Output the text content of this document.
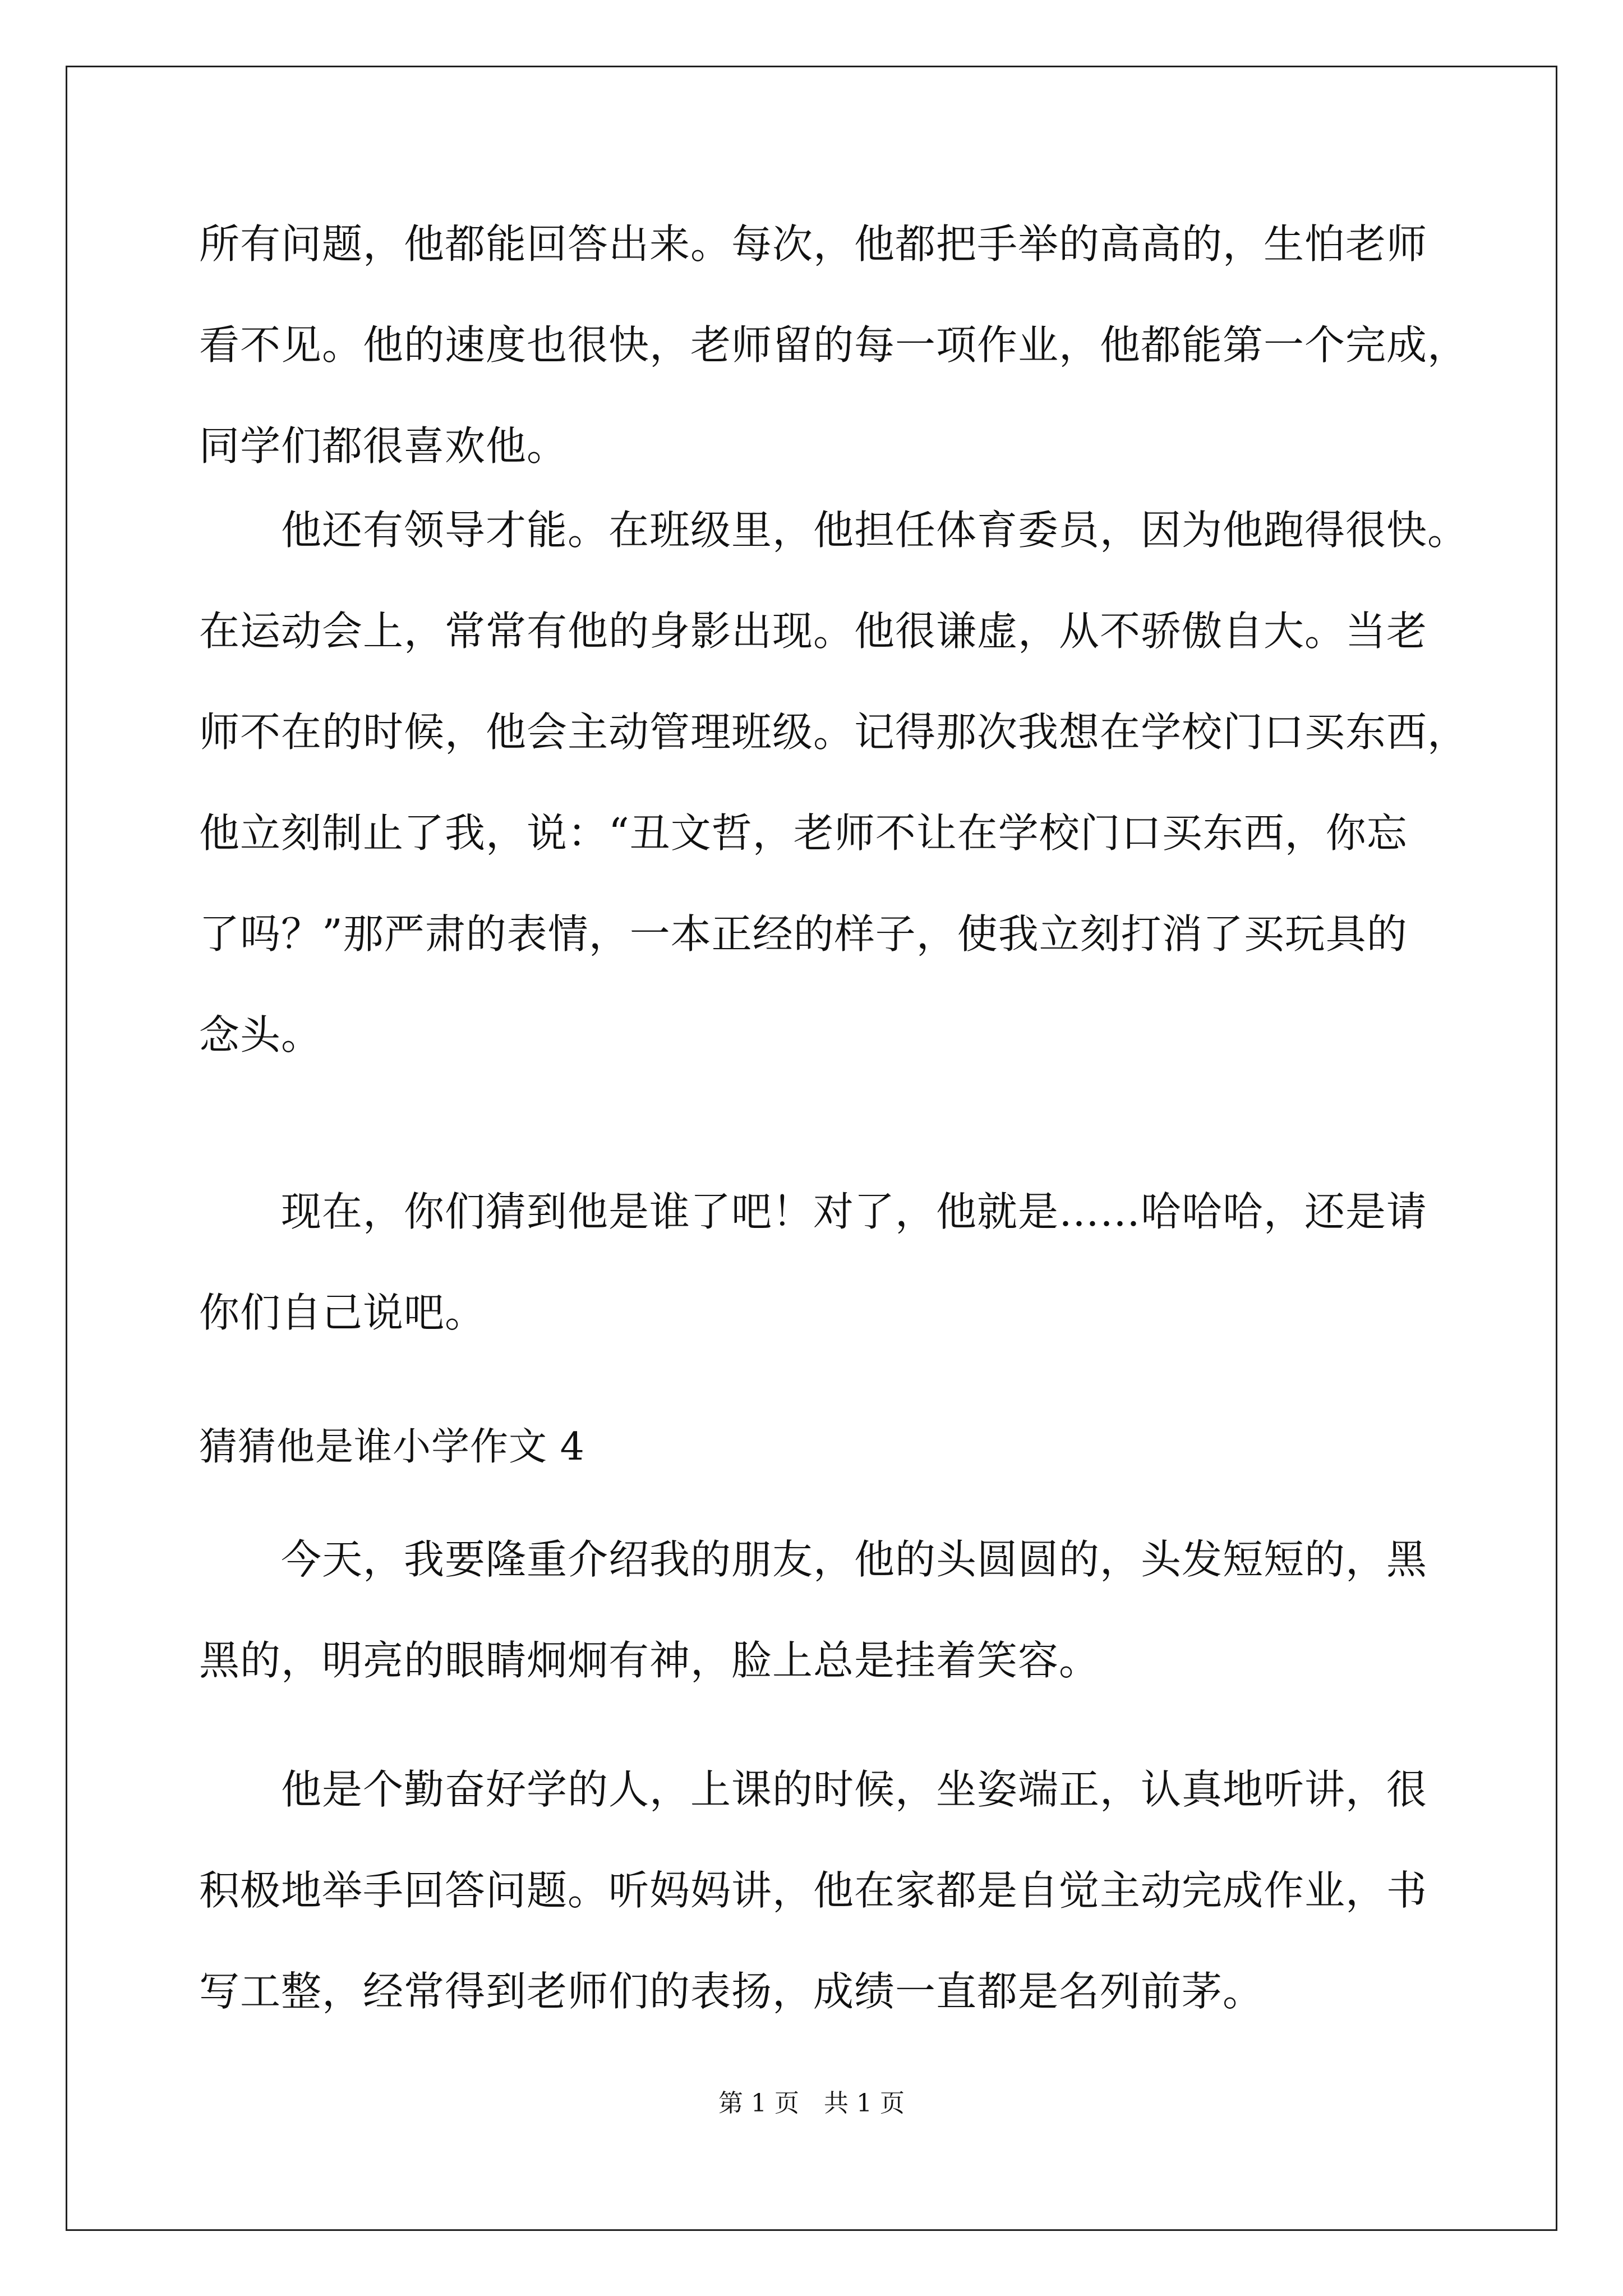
所有问题，他都能回答出来。每次，他都把手举的高高的，生怕老师
看不见。他的速度也很快，老师留的每一项作业，他都能第一个完成，
同学们都很喜欢他。
　　他还有领导才能。在班级里，他担任体育委员，因为他跑得很快。
在运动会上，常常有他的身影出现。他很谦虚，从不骄傲自大。当老
师不在的时候，他会主动管理班级。记得那次我想在学校门口买东西，
他立刻制止了我，说：“丑文哲，老师不让在学校门口买东西，你忘
了吗？”那严肃的表情，一本正经的样子，使我立刻打消了买玩具的
念头。
　　现在，你们猜到他是谁了吧！对了，他就是……哈哈哈，还是请
你们自己说吧。
猜猜他是谁小学作文 4
　　今天，我要隆重介绍我的朋友，他的头圆圆的，头发短短的，黑
黑的，明亮的眼睛炯炯有神，脸上总是挂着笑容。
　　他是个勤奋好学的人，上课的时候，坐姿端正，认真地听讲，很
积极地举手回答问题。听妈妈讲，他在家都是自觉主动完成作业，书
写工整，经常得到老师们的表扬，成绩一直都是名列前茅。
第 1 页　共 1 页
